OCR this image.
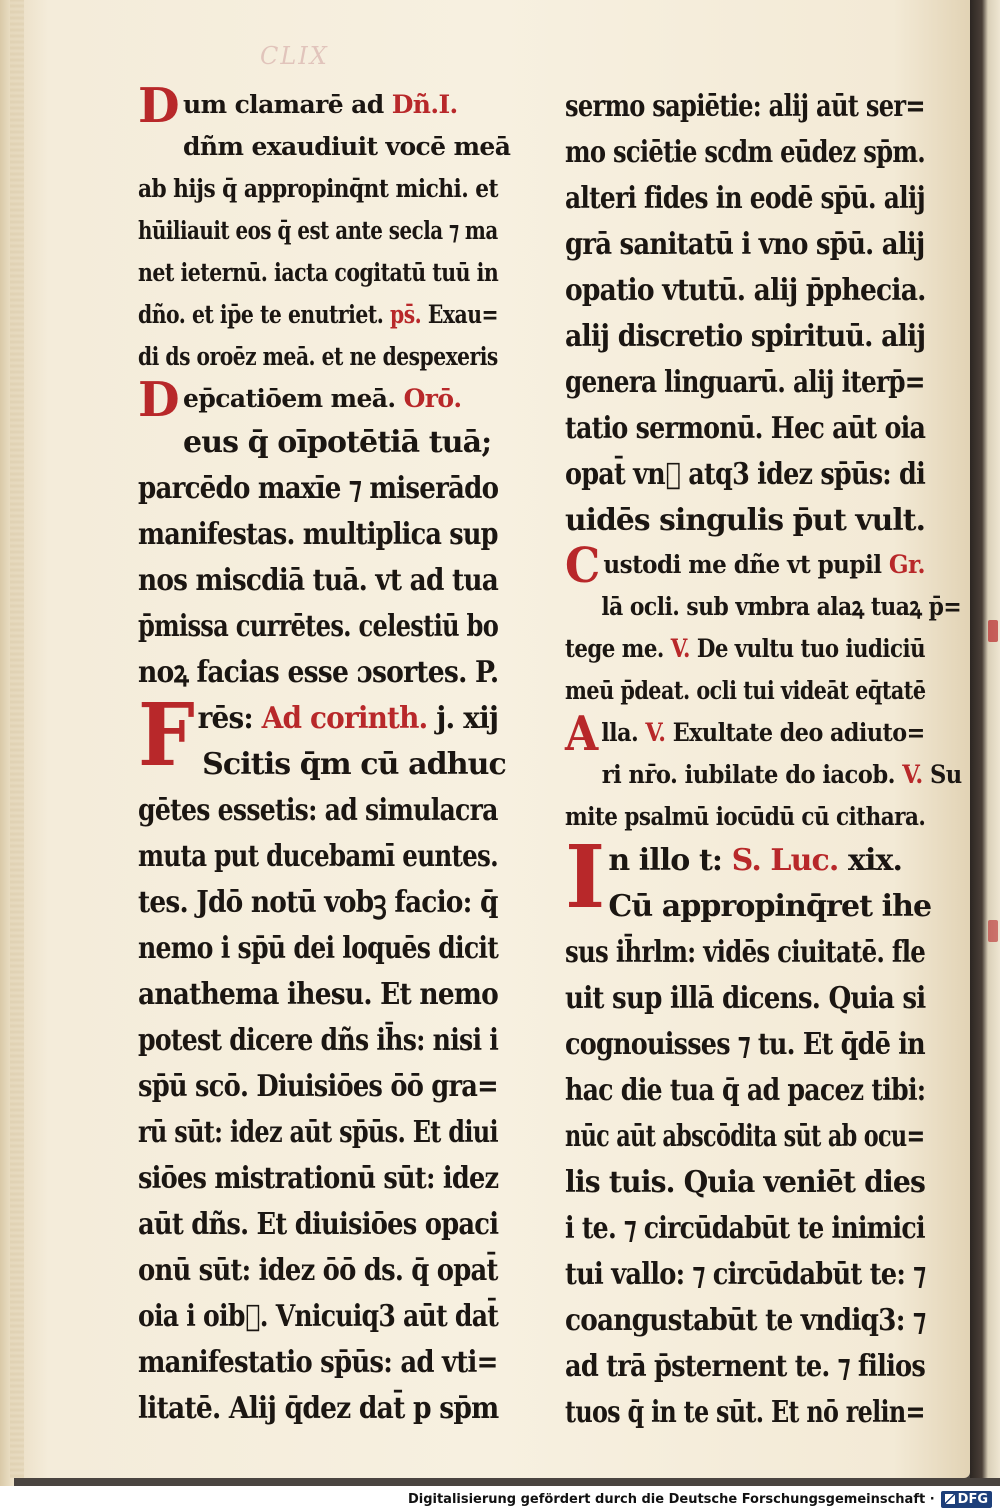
CLIX
Dum clamarē ad Dñ.I.
dñm exaudiuit vocē meā
ab hijs q̄ appropinq̄nt michi. et
hūiliauit eos q̄ est ante secla ⁊ ma
net ieternū. iacta cogitatū tuū in
dño. et ip̄e te enutriet. ps̄. Exau=
di ds oroēz meā. et ne despexeris
Dep̄catiōem meā. Orō.
eus q̄ oīpotētiā tuā;
parcēdo maxīe ⁊ miserādo
manifestas. multiplica sup
nos miscdiā tuā. vt ad tua
p̄missa currētes. celestiū bo
noꝝ facias esse ɔsortes. P.
Frēs: Ad corinth. j. xij
Scitis q̄m cū adhuc
gētes essetis: ad simulacra
muta put ducebamī euntes.
tes. Jdō notū vobꝫ facio: q̄
nemo i sp̄ū dei loquēs dicit
anathema ihesu. Et nemo
potest dicere dñs ih̄s: nisi i
sp̄ū scō. Diuisiōes ōō gra=
rū sūt: idez aūt sp̄ūs. Et diui
siōes mistrationū sūt: idez
aūt dñs. Et diuisiōes opaci
onū sūt: idez ōō ds. q̄ opat̄
oia i oib᷒. Vnicuiq3 aūt dat̄
manifestatio sp̄ūs: ad vti=
litatē. Alij q̄dez dat̄ p sp̄m
sermo sapiētie: alij aūt ser=
mo sciētie scdm eūdez sp̄m.
alteri fides in eodē sp̄ū. alij
grā sanitatū i vno sp̄ū. alij
opatio vtutū. alij p̄phecia.
alij discretio spirituū. alij
genera linguarū. alij iterp̄=
tatio sermonū. Hec aūt oia
opat̄ vn᷒ atq3 idez sp̄ūs: di
uidēs singulis p̄ut vult.
Custodi me dñe vt pupil Gr.
lā ocli. sub vmbra alaꝝ tuaꝝ p̄=
tege me. V. De vultu tuo iudiciū
meū p̄deat. ocli tui videāt eq̄tatē
Alla. V. Exultate deo adiuto=
ri nr̄o. iubilate do iacob. V. Su
mite psalmū iocūdū cū cithara.
In illo t: S. Luc. xix.
Cū appropinq̄ret ihe
sus ih̄rlm: vidēs ciuitatē. fle
uit sup illā dicens. Quia si
cognouisses ⁊ tu. Et q̄dē in
hac die tua q̄ ad pacez tibi:
nūc aūt abscōdita sūt ab ocu=
lis tuis. Quia veniēt dies
i te. ⁊ circūdabūt te inimici
tui vallo: ⁊ circūdabūt te: ⁊
coangustabūt te vndiq3: ⁊
ad trā p̄sternent te. ⁊ filios
tuos q̄ in te sūt. Et nō relin=
Digitalisierung gefördert durch die Deutsche Forschungsgemeinschaft · DFG
